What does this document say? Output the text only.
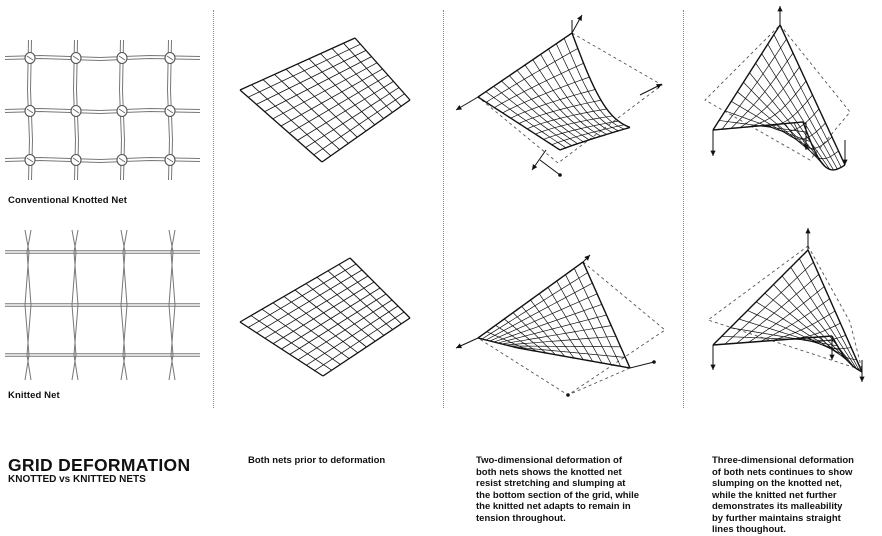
Conventional Knotted Net
Knitted Net
GRID DEFORMATION
KNOTTED vs KNITTED NETS
Both nets prior to deformation	Two-dimensional deformation of
both nets shows the knotted net
resist stretching and slumping at
the bottom section of the grid, while
the knitted net adapts to remain in
tension throughout.
Three-dimensional deformation
of both nets continues to show
slumping on the knotted net,
while the knitted net further
demonstrates its malleability
by further maintains straight
lines thoughout.
